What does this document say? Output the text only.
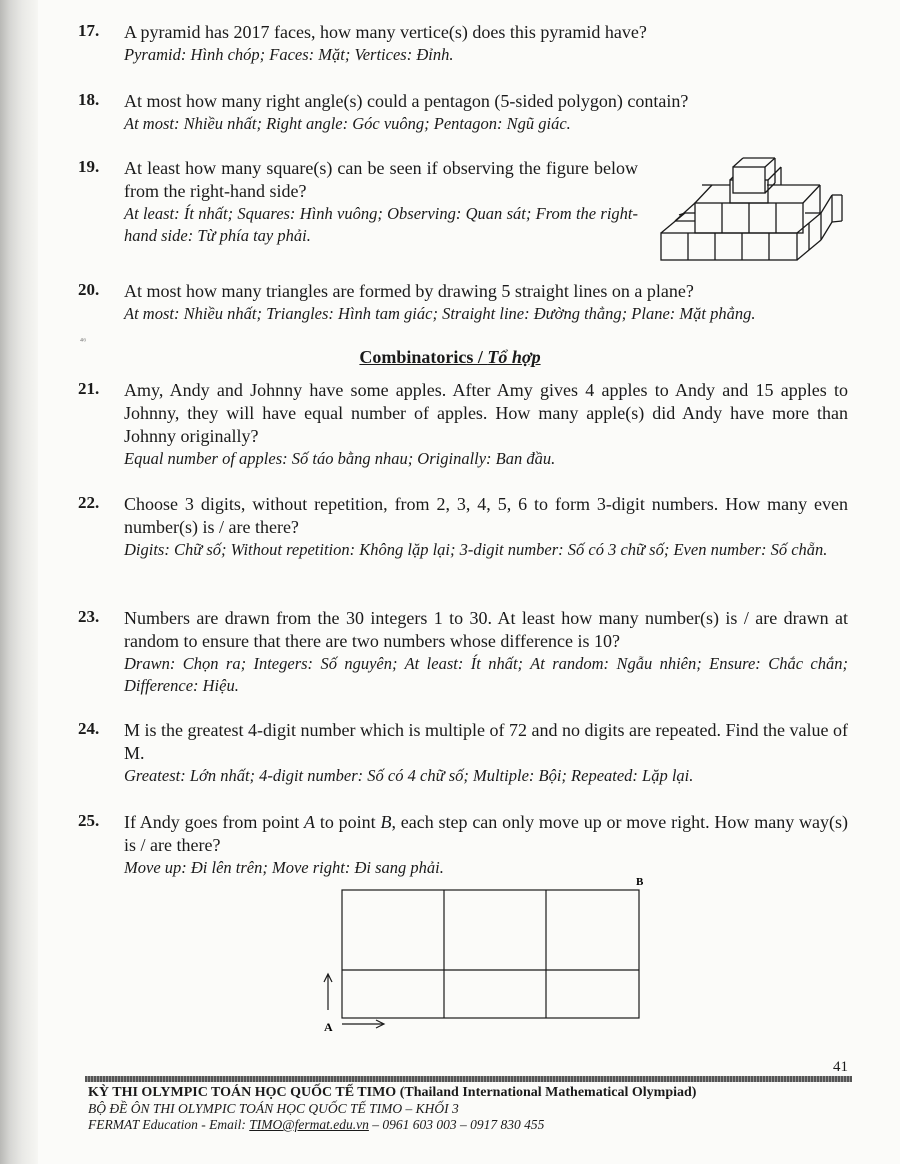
17. A pyramid has 2017 faces, how many vertice(s) does this pyramid have?
Pyramid: Hình chóp; Faces: Mặt; Vertices: Đỉnh.
18. At most how many right angle(s) could a pentagon (5-sided polygon) contain?
At most: Nhiều nhất; Right angle: Góc vuông; Pentagon: Ngũ giác.
19. At least how many square(s) can be seen if observing the figure below from the right-hand side?
At least: Ít nhất; Squares: Hình vuông; Observing: Quan sát; From the right-hand side: Từ phía tay phải.
20. At most how many triangles are formed by drawing 5 straight lines on a plane?
At most: Nhiều nhất; Triangles: Hình tam giác; Straight line: Đường thẳng; Plane: Mặt phẳng.
⁴⁶
Combinatorics / Tổ hợp
21. Amy, Andy and Johnny have some apples. After Amy gives 4 apples to Andy and 15 apples to Johnny, they will have equal number of apples. How many apple(s) did Andy have more than Johnny originally?
Equal number of apples: Số táo bằng nhau; Originally: Ban đầu.
22. Choose 3 digits, without repetition, from 2, 3, 4, 5, 6 to form 3-digit numbers. How many even number(s) is / are there?
Digits: Chữ số; Without repetition: Không lặp lại; 3-digit number: Số có 3 chữ số; Even number: Số chẵn.
23. Numbers are drawn from the 30 integers 1 to 30. At least how many number(s) is / are drawn at random to ensure that there are two numbers whose difference is 10?
Drawn: Chọn ra; Integers: Số nguyên; At least: Ít nhất; At random: Ngẫu nhiên; Ensure: Chắc chắn; Difference: Hiệu.
24. M is the greatest 4-digit number which is multiple of 72 and no digits are repeated. Find the value of M.
Greatest: Lớn nhất; 4-digit number: Số có 4 chữ số; Multiple: Bội; Repeated: Lặp lại.
25. If Andy goes from point A to point B, each step can only move up or move right. How many way(s) is / are there?
Move up: Đi lên trên; Move right: Đi sang phải.
B
A
41
KỲ THI OLYMPIC TOÁN HỌC QUỐC TẾ TIMO (Thailand International Mathematical Olympiad)
BỘ ĐỀ ÔN THI OLYMPIC TOÁN HỌC QUỐC TẾ TIMO – KHỐI 3
FERMAT Education - Email: TIMO@fermat.edu.vn – 0961 603 003 – 0917 830 455
